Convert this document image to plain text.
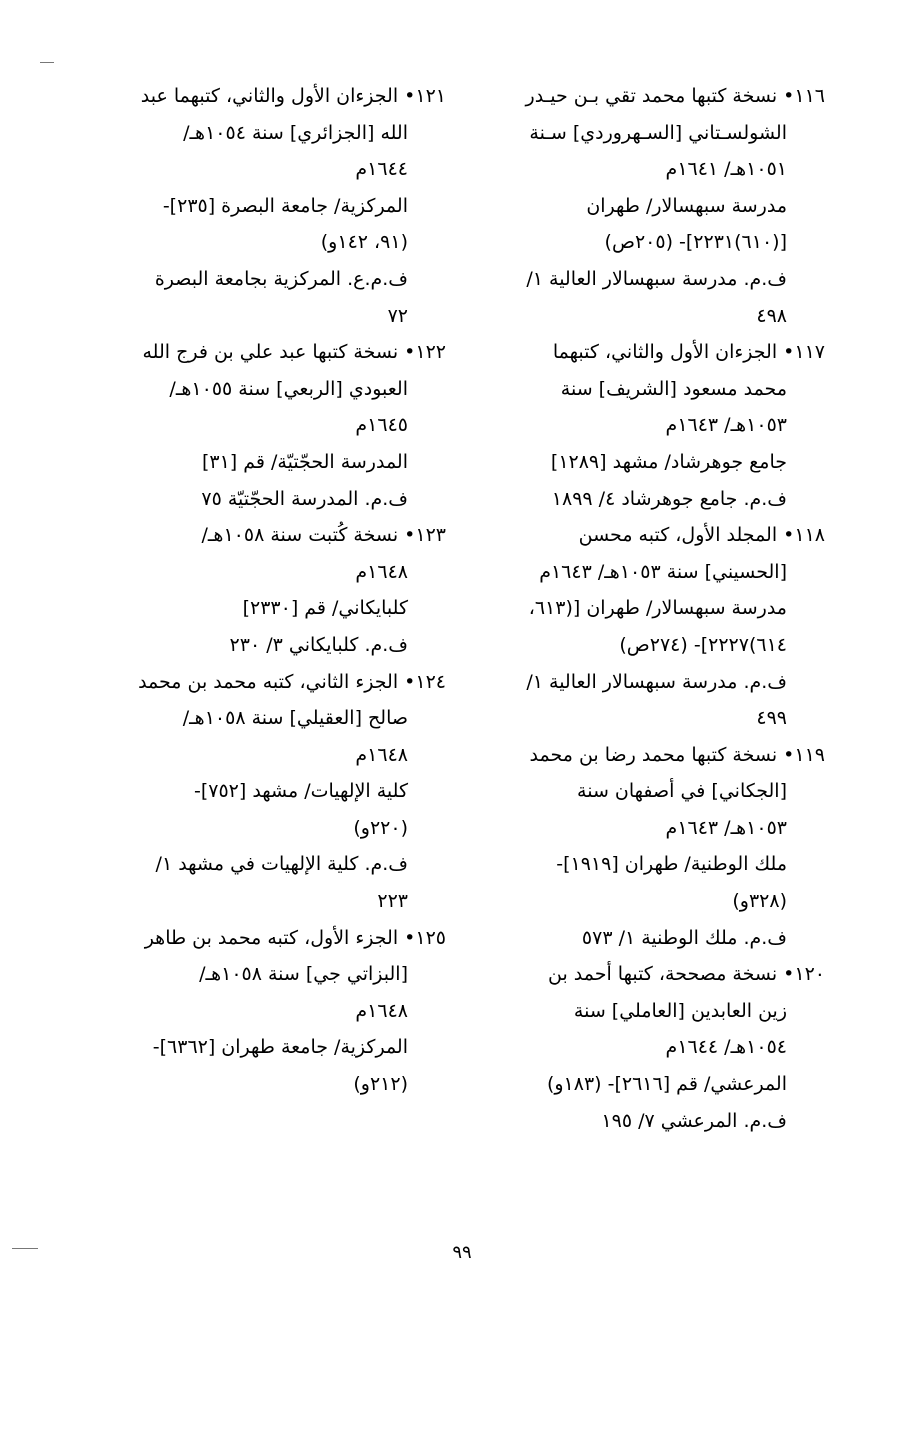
١١٦• نسخة كتبها محمد تقي بـن حيـدر
الشولسـتاني [السـهروردي] سـنة
١٠٥١هـ/ ١٦٤١م
مدرسة سبهسالار/ طهران
[(٦١٠)٢٢٣١]- (٢٠٥ص)
ف.م. مدرسة سبهسالار العالية ١/
٤٩٨
١١٧• الجزءان الأول والثاني، كتبهما
محمد مسعود [الشريف] سنة
١٠٥٣هـ/ ١٦٤٣م
جامع جوهرشاد/ مشهد [١٢٨٩]
ف.م. جامع جوهرشاد ٤/ ١٨٩٩
١١٨• المجلد الأول، كتبه محسن
[الحسيني] سنة ١٠٥٣هـ/ ١٦٤٣م
مدرسة سبهسالار/ طهران [(٦١٣،
٦١٤)٢٢٢٧]- (٢٧٤ص)
ف.م. مدرسة سبهسالار العالية ١/
٤٩٩
١١٩• نسخة كتبها محمد رضا بن محمد
[الجكاني] في أصفهان سنة
١٠٥٣هـ/ ١٦٤٣م
ملك الوطنية/ طهران [١٩١٩]-
(٣٢٨و)
ف.م. ملك الوطنية ١/ ٥٧٣
١٢٠• نسخة مصححة، كتبها أحمد بن
زين العابدين [العاملي] سنة
١٠٥٤هـ/ ١٦٤٤م
المرعشي/ قم [٢٦١٦]- (١٨٣و)
ف.م. المرعشي ٧/ ١٩٥
١٢١• الجزءان الأول والثاني، كتبهما عبد
الله [الجزائري] سنة ١٠٥٤هـ/
١٦٤٤م
المركزية/ جامعة البصرة [٢٣٥]-
(٩١، ١٤٢و)
ف.م.ع. المركزية بجامعة البصرة
٧٢
١٢٢• نسخة كتبها عبد علي بن فرج الله
العبودي [الربعي] سنة ١٠٥٥هـ/
١٦٤٥م
المدرسة الحجّتيّة/ قم [٣١]
ف.م. المدرسة الحجّتيّة ٧٥
١٢٣• نسخة كُتبت سنة ١٠٥٨هـ/
١٦٤٨م
كلبايكاني/ قم [٢٣٣٠]
ف.م. كلبايكاني ٣/ ٢٣٠
١٢٤• الجزء الثاني، كتبه محمد بن محمد
صالح [العقيلي] سنة ١٠٥٨هـ/
١٦٤٨م
كلية الإلهيات/ مشهد [٧٥٢]-
(٢٢٠و)
ف.م. كلية الإلهيات في مشهد ١/
٢٢٣
١٢٥• الجزء الأول، كتبه محمد بن طاهر
[البزاتي جي] سنة ١٠٥٨هـ/
١٦٤٨م
المركزية/ جامعة طهران [٦٣٦٢]-
(٢١٢و)
٩٩
